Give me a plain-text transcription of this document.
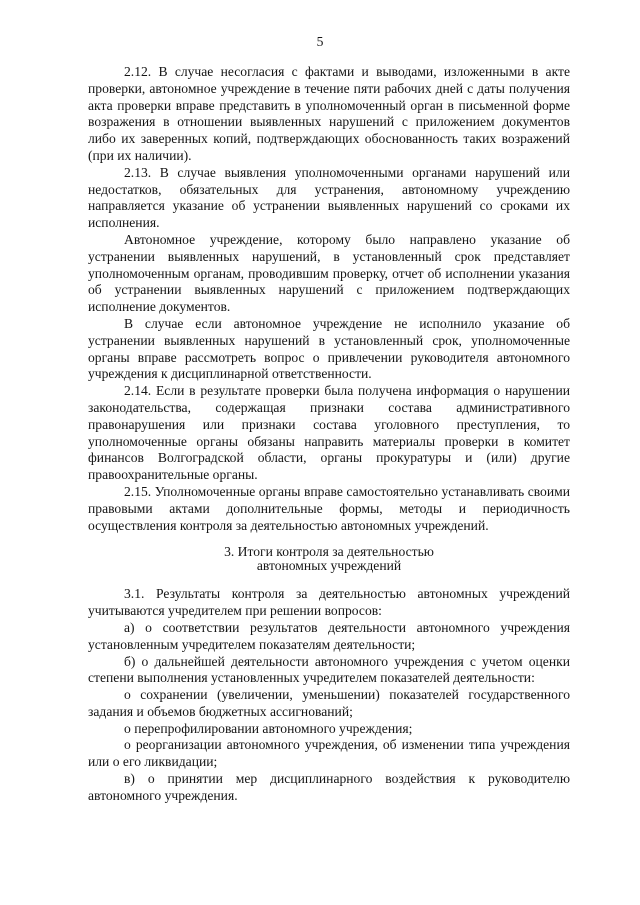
5

2.12. В случае несогласия с фактами и выводами, изложенными в акте проверки, автономное учреждение в течение пяти рабочих дней с даты получения акта проверки вправе представить в уполномоченный орган в письменной форме возражения в отношении выявленных нарушений с приложением документов либо их заверенных копий, подтверждающих обоснованность таких возражений (при их наличии).

2.13. В случае выявления уполномоченными органами нарушений или недостатков, обязательных для устранения, автономному учреждению направляется указание об устранении выявленных нарушений со сроками их исполнения.

Автономное учреждение, которому было направлено указание об устранении выявленных нарушений, в установленный срок представляет уполномоченным органам, проводившим проверку, отчет об исполнении указания об устранении выявленных нарушений с приложением подтверждающих исполнение документов.

В случае если автономное учреждение не исполнило указание об устранении выявленных нарушений в установленный срок, уполномоченные органы вправе рассмотреть вопрос о привлечении руководителя автономного учреждения к дисциплинарной ответственности.

2.14. Если в результате проверки была получена информация о нарушении законодательства, содержащая признаки состава административного правонарушения или признаки состава уголовного преступления, то уполномоченные органы обязаны направить материалы проверки в комитет финансов Волгоградской области, органы прокуратуры и (или) другие правоохранительные органы.

2.15. Уполномоченные органы вправе самостоятельно устанавливать своими правовыми актами дополнительные формы, методы и периодичность осуществления контроля за деятельностью автономных учреждений.

3. Итоги контроля за деятельностью
автономных учреждений

3.1. Результаты контроля за деятельностью автономных учреждений учитываются учредителем при решении вопросов:

а) о соответствии результатов деятельности автономного учреждения установленным учредителем показателям деятельности;

б) о дальнейшей деятельности автономного учреждения с учетом оценки степени выполнения установленных учредителем показателей деятельности:

о сохранении (увеличении, уменьшении) показателей государственного задания и объемов бюджетных ассигнований;

о перепрофилировании автономного учреждения;

о реорганизации автономного учреждения, об изменении типа учреждения или о его ликвидации;

в) о принятии мер дисциплинарного воздействия к руководителю автономного учреждения.
